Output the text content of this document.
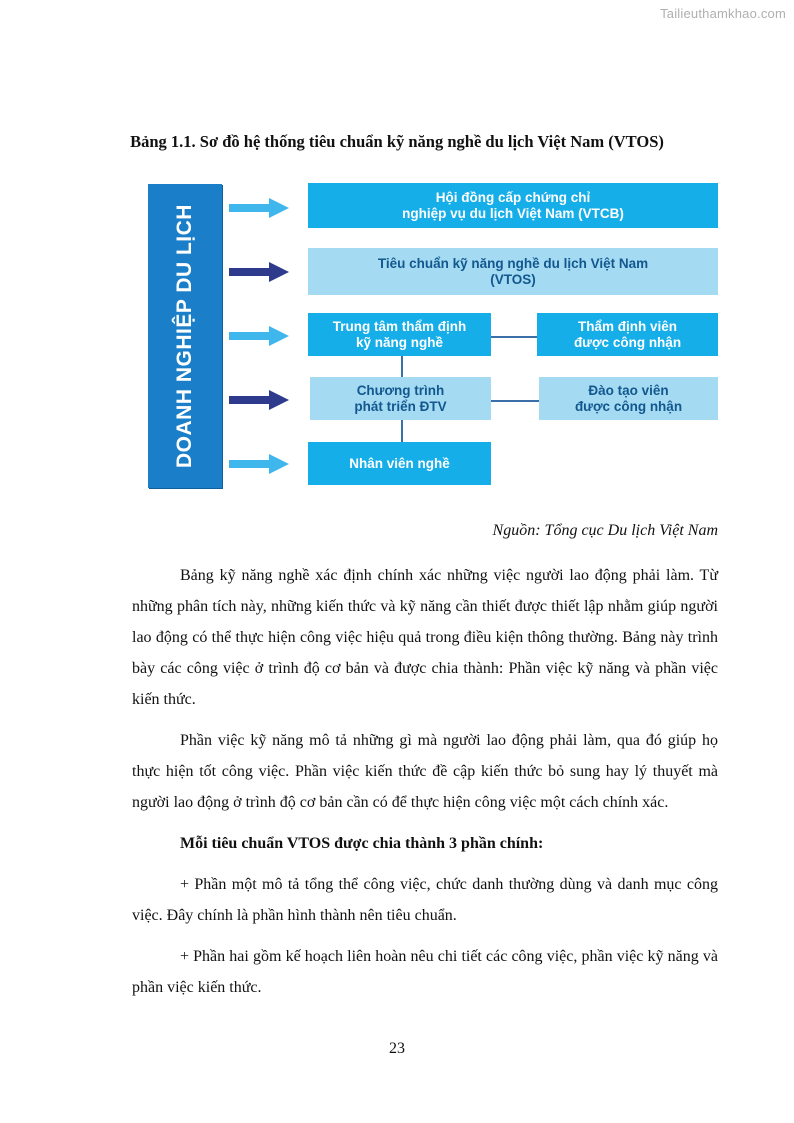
Tailieuthamkhao.com
Bảng 1.1. Sơ đồ hệ thống tiêu chuẩn kỹ năng nghề du lịch Việt Nam (VTOS)
DOANH NGHIỆP DU LỊCH
Hội đồng cấp chứng chỉ
nghiệp vụ du lịch Việt Nam (VTCB)
Tiêu chuẩn kỹ năng nghề du lịch Việt Nam
(VTOS)
Trung tâm thẩm định
kỹ năng nghề
Thẩm định viên
được công nhận
Chương trình
phát triển ĐTV
Đào tạo viên
được công nhận
Nhân viên nghề
Nguồn: Tổng cục Du lịch Việt Nam

Bảng kỹ năng nghề xác định chính xác những việc người lao động phải làm. Từ những phân tích này, những kiến thức và kỹ năng cần thiết được thiết lập nhằm giúp người lao động có thể thực hiện công việc hiệu quả trong điều kiện thông thường. Bảng này trình bày các công việc ở trình độ cơ bản và được chia thành: Phần việc kỹ năng và phần việc kiến thức.

Phần việc kỹ năng mô tả những gì mà người lao động phải làm, qua đó giúp họ thực hiện tốt công việc. Phần việc kiến thức đề cập kiến thức bỏ sung hay lý thuyết mà người lao động ở trình độ cơ bản cần có để thực hiện công việc một cách chính xác.

Mỗi tiêu chuẩn VTOS được chia thành 3 phần chính:

+ Phần một mô tả tổng thể công việc, chức danh thường dùng và danh mục công việc. Đây chính là phần hình thành nên tiêu chuẩn.

+ Phần hai gồm kế hoạch liên hoàn nêu chi tiết các công việc, phần việc kỹ năng và phần việc kiến thức.

23
